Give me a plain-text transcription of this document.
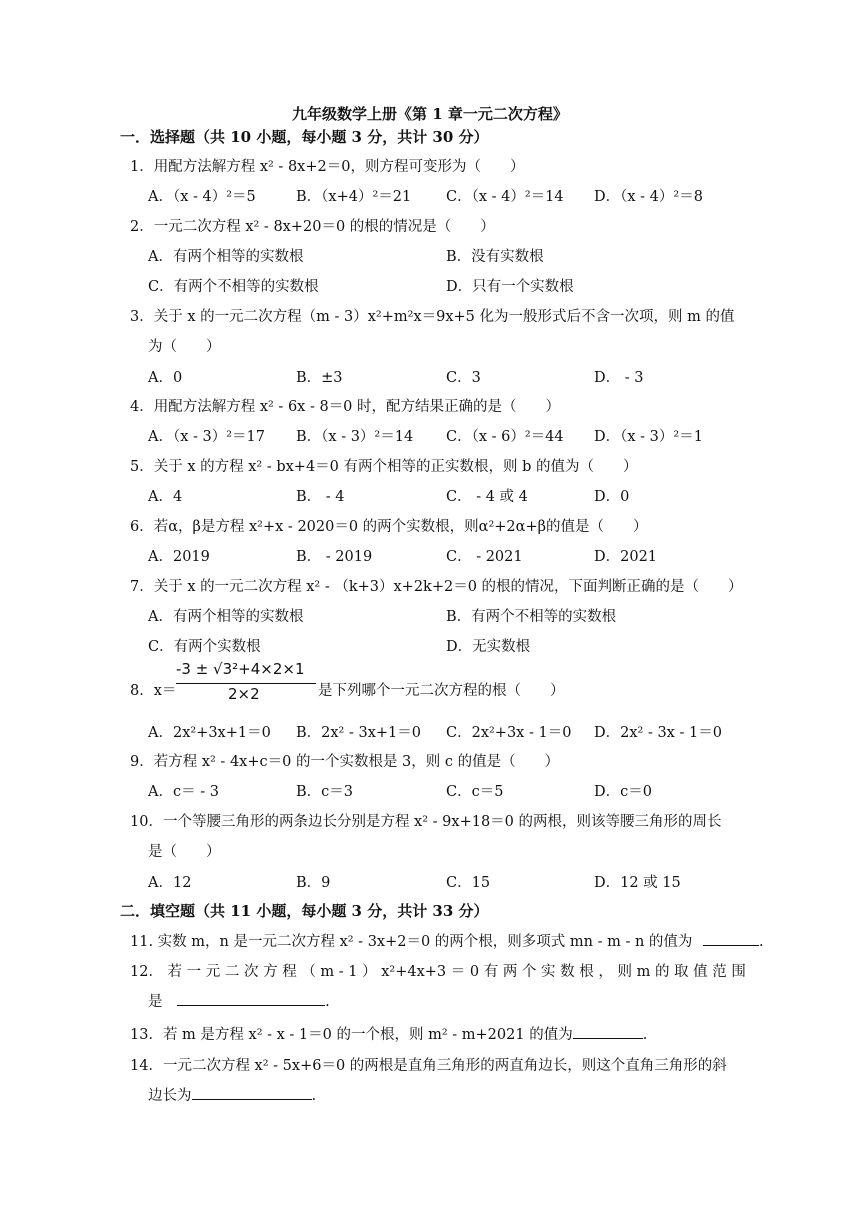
九年级数学上册《第 1 章一元二次方程》
一．选择题（共 10 小题，每小题 3 分，共计 30 分）
1．用配方法解方程 x² - 8x+2＝0，则方程可变形为（　　）
A．（x - 4）²＝5	B．（x+4）²＝21 C．（x - 4）²＝14 D．（x - 4）²＝8
2．一元二次方程 x² - 8x+20＝0 的根的情况是（　　）
A．有两个相等的实数根	B．没有实数根
C．有两个不相等的实数根	D．只有一个实数根
3．关于 x 的一元二次方程（m - 3）x²+m²x＝9x+5 化为一般形式后不含一次项，则 m 的值
为（　　）
A．0	B．±3	C．3	D． - 3
4．用配方法解方程 x² - 6x - 8＝0 时，配方结果正确的是（　　）
A．（x - 3）²＝17 B．（x - 3）²＝14 C．（x - 6）²＝44 D．（x - 3）²＝1
5．关于 x 的方程 x² - bx+4＝0 有两个相等的正实数根，则 b 的值为（　　）
A．4	B． - 4	C． - 4 或 4	D．0
6．若α，β是方程 x²+x - 2020＝0 的两个实数根，则α²+2α+β的值是（　　）
A．2019	B． - 2019	C． - 2021	D．2021
7．关于 x 的一元二次方程 x² - （k+3）x+2k+2＝0 的根的情况，下面判断正确的是（　　）
A．有两个相等的实数根	B．有两个不相等的实数根
C．有两个实数根	D．无实数根
8．x＝
-3 ± √3²+4×2×1
2×2	是下列哪个一元二次方程的根（　　）
A．2x²+3x+1＝0 B．2x² - 3x+1＝0 C．2x²+3x - 1＝0 D．2x² - 3x - 1＝0
9．若方程 x² - 4x+c＝0 的一个实数根是 3，则 c 的值是（　　）
A．c＝ - 3	B．c＝3	C．c＝5	D．c＝0
10．一个等腰三角形的两条边长分别是方程 x² - 9x+18＝0 的两根，则该等腰三角形的周长
是（　　）
A．12	B．9	C．15	D．12 或 15
二．填空题（共 11 小题，每小题 3 分，共计 33 分）
11. 实数 m，n 是一元二次方程 x² - 3x+2＝0 的两个根，则多项式 mn - m - n 的值为	.
12． 若 一 元 二 次 方 程 （ m - 1 ） x²+4x+3 ＝ 0 有 两 个 实 数 根 ， 则 m 的 取 值 范 围
是	.
13．若 m 是方程 x² - x - 1＝0 的一个根，则 m² - m+2021 的值为	.
14．一元二次方程 x² - 5x+6＝0 的两根是直角三角形的两直角边长，则这个直角三角形的斜
边长为	.
